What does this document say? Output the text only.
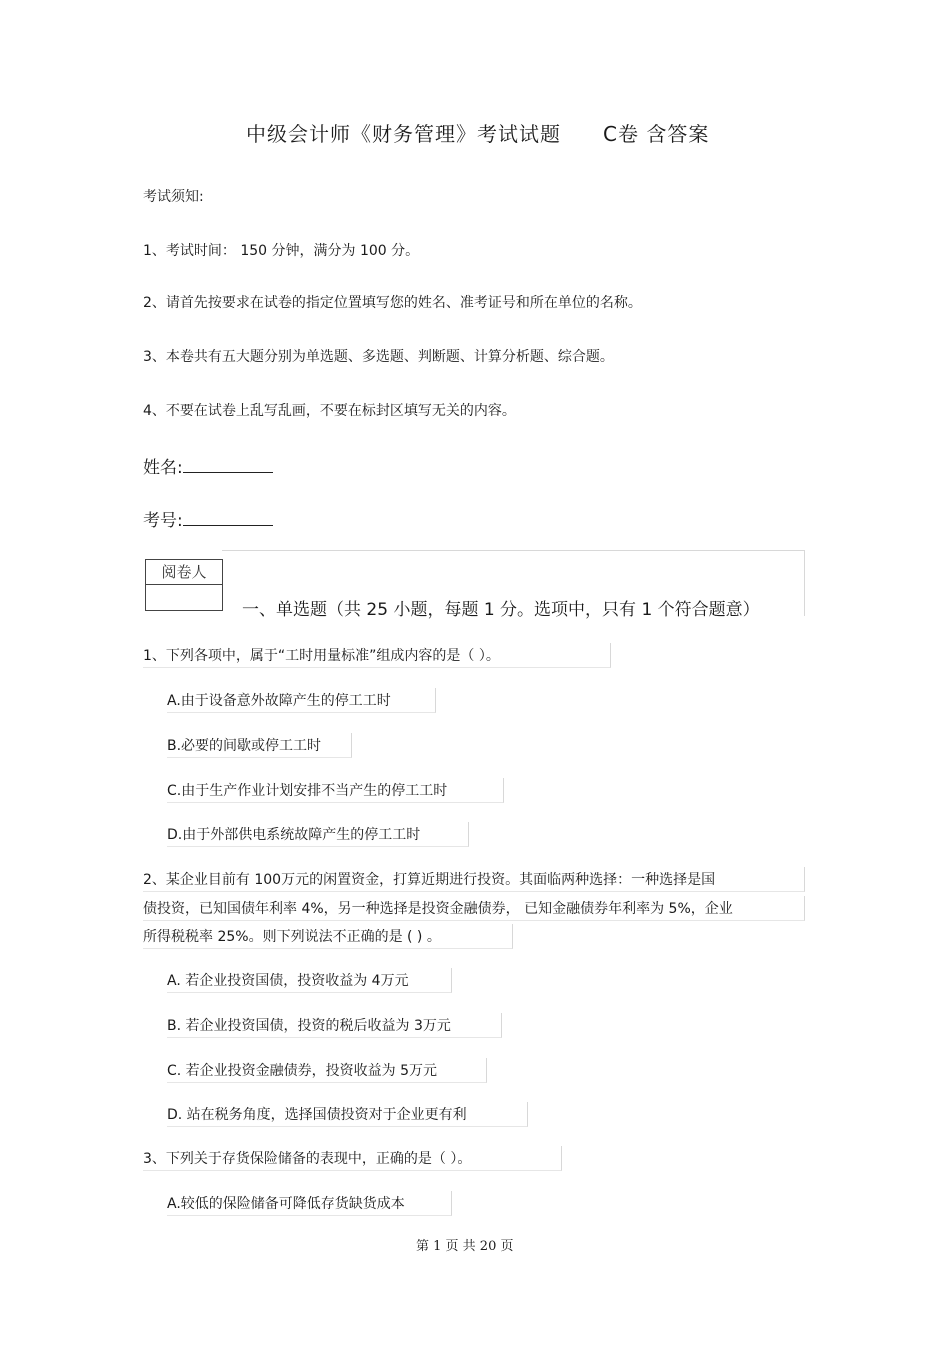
中级会计师《财务管理》考试试题　　C卷 含答案
考试须知:
1、考试时间： 150 分钟，满分为 100 分。
2、请首先按要求在试卷的指定位置填写您的姓名、准考证号和所在单位的名称。
3、本卷共有五大题分别为单选题、多选题、判断题、计算分析题、综合题。
4、不要在试卷上乱写乱画，不要在标封区填写无关的内容。
姓名:
考号:
阅卷人
一、单选题（共 25 小题，每题 1 分。选项中，只有 1 个符合题意）
1、下列各项中，属于“工时用量标准”组成内容的是（ ）。
A.由于设备意外故障产生的停工工时
B.必要的间歇或停工工时
C.由于生产作业计划安排不当产生的停工工时
D.由于外部供电系统故障产生的停工工时
2、某企业目前有 100万元的闲置资金，打算近期进行投资。其面临两种选择：一种选择是国
债投资，已知国债年利率 4%，另一种选择是投资金融债券， 已知金融债券年利率为 5%，企业
所得税税率 25%。则下列说法不正确的是 ( ) 。
A. 若企业投资国债，投资收益为 4万元
B. 若企业投资国债，投资的税后收益为 3万元
C. 若企业投资金融债券，投资收益为 5万元
D. 站在税务角度，选择国债投资对于企业更有利
3、下列关于存货保险储备的表现中，正确的是（ ）。
A.较低的保险储备可降低存货缺货成本
第 1 页 共 20 页
